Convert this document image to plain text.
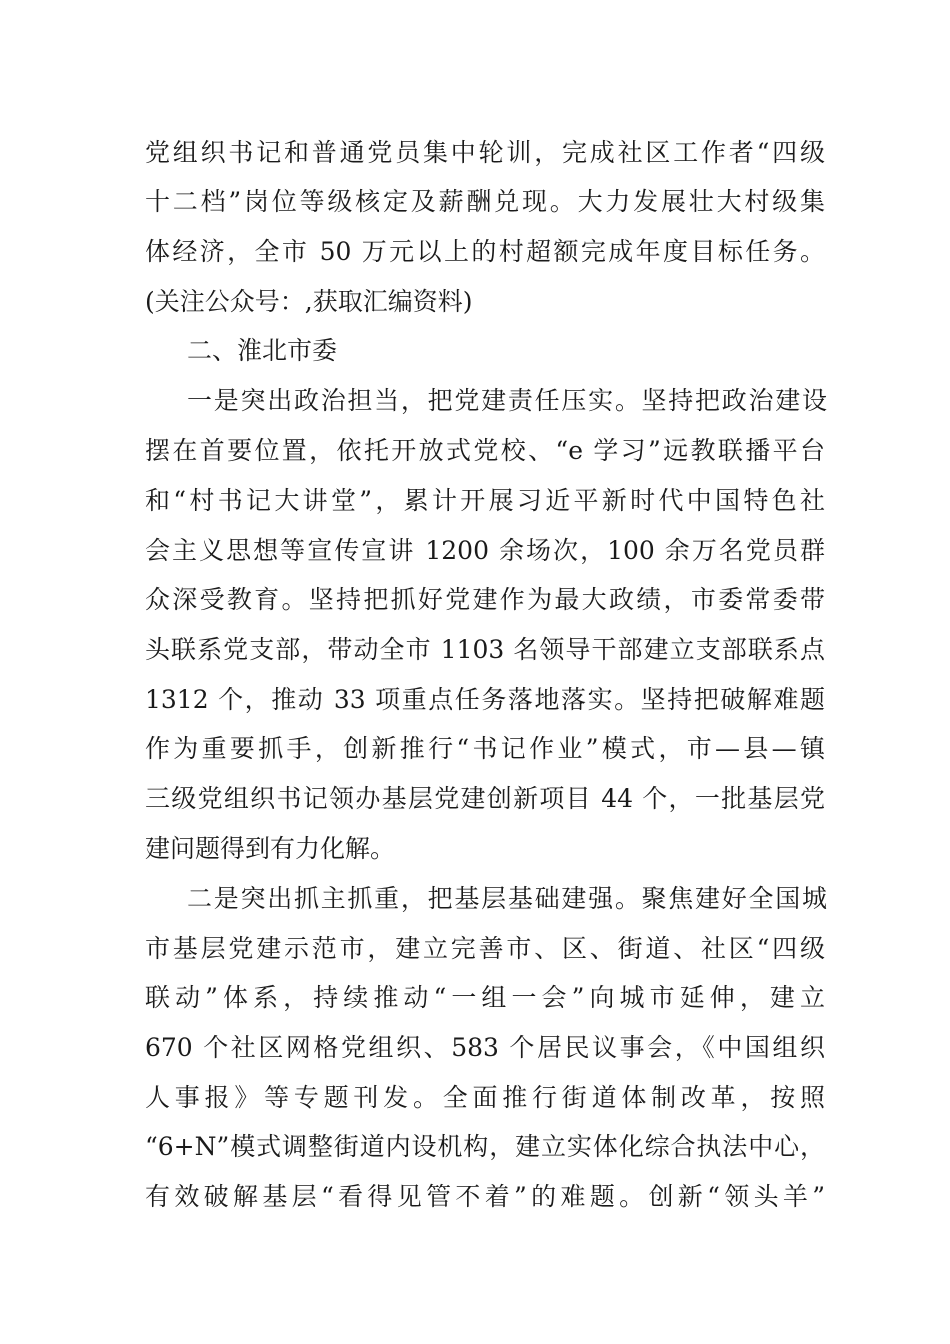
党组织书记和普通党员集中轮训，完成社区工作者“四级
十二档”岗位等级核定及薪酬兑现。大力发展壮大村级集
体经济，全市 50 万元以上的村超额完成年度目标任务。
(关注公众号：,获取汇编资料)
二、淮北市委
一是突出政治担当，把党建责任压实。坚持把政治建设
摆在首要位置，依托开放式党校、“e 学习”远教联播平台
和“村书记大讲堂”，累计开展习近平新时代中国特色社
会主义思想等宣传宣讲 1200 余场次，100 余万名党员群
众深受教育。坚持把抓好党建作为最大政绩，市委常委带
头联系党支部，带动全市 1103 名领导干部建立支部联系点
1312 个，推动 33 项重点任务落地落实。坚持把破解难题
作为重要抓手，创新推行“书记作业”模式，市—县—镇
三级党组织书记领办基层党建创新项目 44 个，一批基层党
建问题得到有力化解。
二是突出抓主抓重，把基层基础建强。聚焦建好全国城
市基层党建示范市，建立完善市、区、街道、社区“四级
联动”体系，持续推动“一组一会”向城市延伸，建立
670 个社区网格党组织、583 个居民议事会，《中国组织
人事报》等专题刊发。全面推行街道体制改革，按照
“6+N”模式调整街道内设机构，建立实体化综合执法中心，
有效破解基层“看得见管不着”的难题。创新“领头羊”
